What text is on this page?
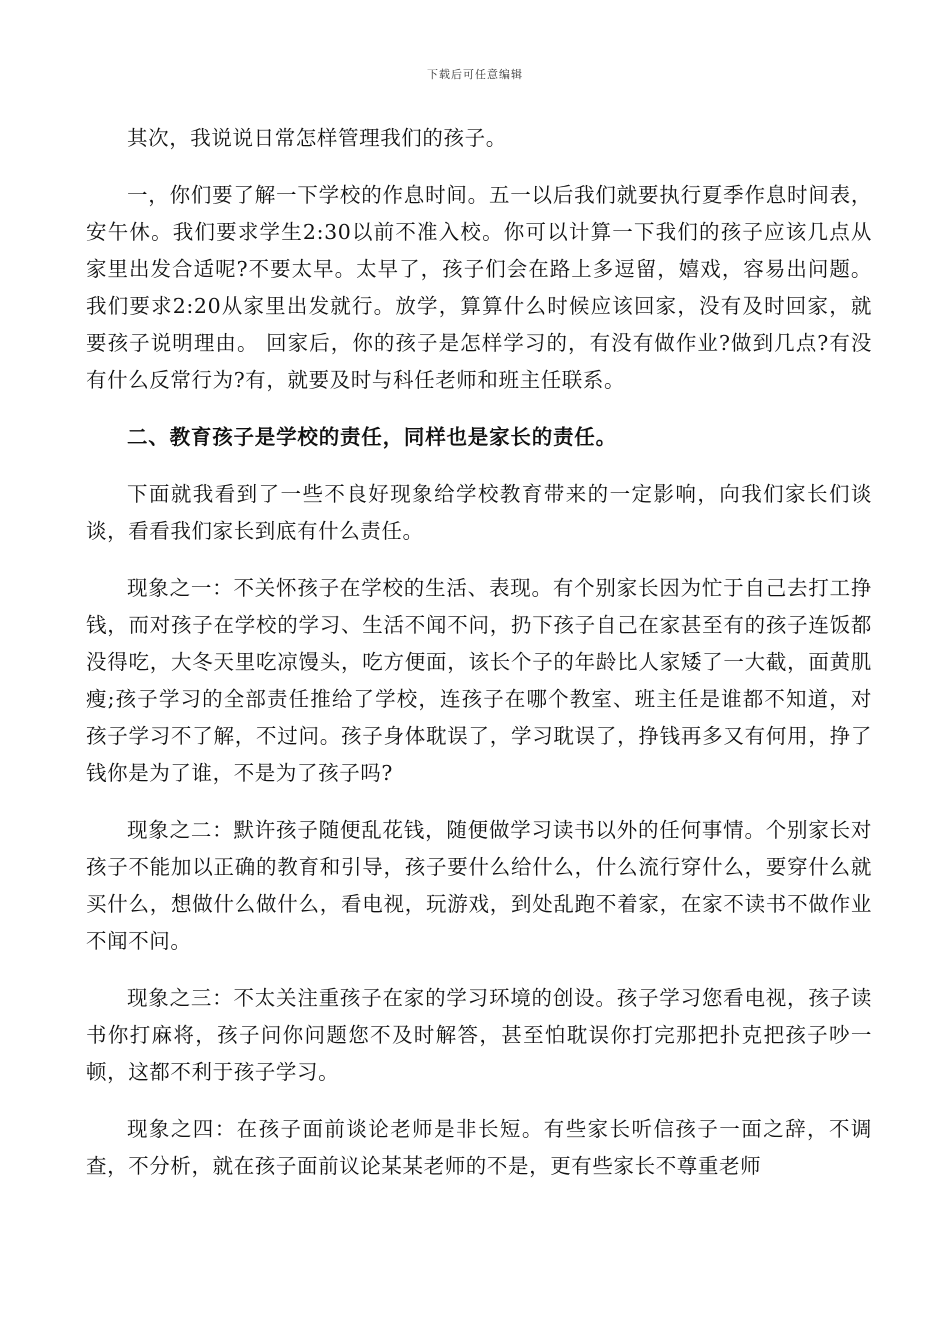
下载后可任意编辑

其次，我说说日常怎样管理我们的孩子。

一，你们要了解一下学校的作息时间。五一以后我们就要执行夏季作息时间表，安午休。我们要求学生2:30以前不准入校。你可以计算一下我们的孩子应该几点从家里出发合适呢?不要太早。太早了，孩子们会在路上多逗留，嬉戏，容易出问题。我们要求2:20从家里出发就行。放学，算算什么时候应该回家，没有及时回家，就要孩子说明理由。 回家后，你的孩子是怎样学习的，有没有做作业?做到几点?有没有什么反常行为?有，就要及时与科任老师和班主任联系。

二、教育孩子是学校的责任，同样也是家长的责任。

下面就我看到了一些不良好现象给学校教育带来的一定影响，向我们家长们谈谈，看看我们家长到底有什么责任。

现象之一：不关怀孩子在学校的生活、表现。有个别家长因为忙于自己去打工挣钱，而对孩子在学校的学习、生活不闻不问，扔下孩子自己在家甚至有的孩子连饭都没得吃，大冬天里吃凉馒头，吃方便面，该长个子的年龄比人家矮了一大截，面黄肌瘦;孩子学习的全部责任推给了学校，连孩子在哪个教室、班主任是谁都不知道，对孩子学习不了解，不过问。孩子身体耽误了，学习耽误了，挣钱再多又有何用，挣了钱你是为了谁，不是为了孩子吗?

现象之二：默许孩子随便乱花钱，随便做学习读书以外的任何事情。个别家长对孩子不能加以正确的教育和引导，孩子要什么给什么，什么流行穿什么，要穿什么就买什么，想做什么做什么，看电视，玩游戏，到处乱跑不着家，在家不读书不做作业不闻不问。

现象之三：不太关注重孩子在家的学习环境的创设。孩子学习您看电视，孩子读书你打麻将，孩子问你问题您不及时解答，甚至怕耽误你打完那把扑克把孩子吵一顿，这都不利于孩子学习。

现象之四：在孩子面前谈论老师是非长短。有些家长听信孩子一面之辞，不调查，不分析，就在孩子面前议论某某老师的不是，更有些家长不尊重老师
